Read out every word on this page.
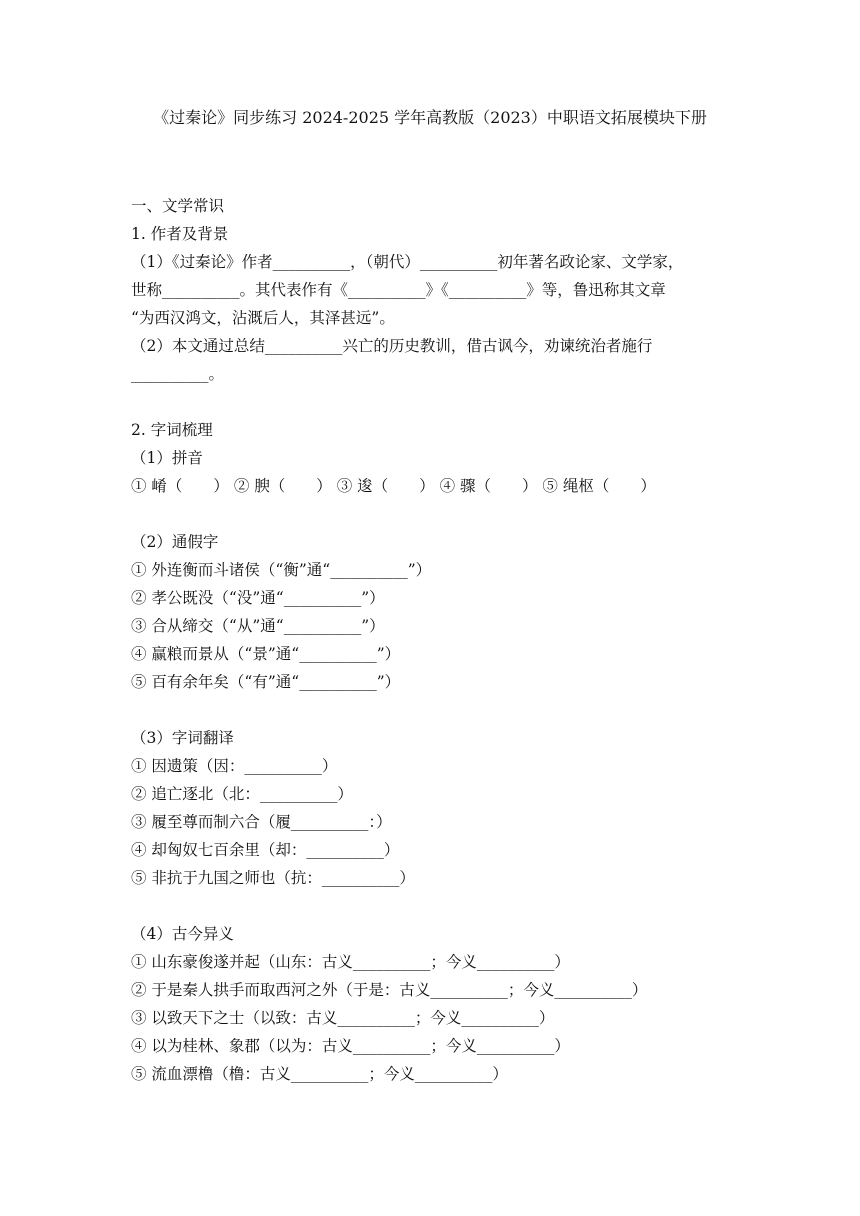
《过秦论》同步练习 2024-2025 学年高教版（2023）中职语文拓展模块下册
一、文学常识
1. 作者及背景
（1）《过秦论》作者__________，（朝代）__________初年著名政论家、文学家，
世称__________。其代表作有《__________》《__________》等，鲁迅称其文章
“为西汉鸿文，沾溉后人，其泽甚远”。
（2）本文通过总结__________兴亡的历史教训，借古讽今，劝谏统治者施行
__________。
2. 字词梳理
（1）拼音
① 崤（　　） ② 腴（　　） ③ 逡（　　） ④ 骤（　　） ⑤ 绳枢（　　）
（2）通假字
① 外连衡而斗诸侯（“衡”通“__________”）
② 孝公既没（“没”通“__________”）
③ 合从缔交（“从”通“__________”）
④ 赢粮而景从（“景”通“__________”）
⑤ 百有余年矣（“有”通“__________”）
（3）字词翻译
① 因遗策（因：__________）
② 追亡逐北（北：__________）
③ 履至尊而制六合（履__________：）
④ 却匈奴七百余里（却：__________）
⑤ 非抗于九国之师也（抗：__________）
（4）古今异义
① 山东豪俊遂并起（山东：古义__________；今义__________）
② 于是秦人拱手而取西河之外（于是：古义__________；今义__________）
③ 以致天下之士（以致：古义__________；今义__________）
④ 以为桂林、象郡（以为：古义__________；今义__________）
⑤ 流血漂橹（橹：古义__________；今义__________）
